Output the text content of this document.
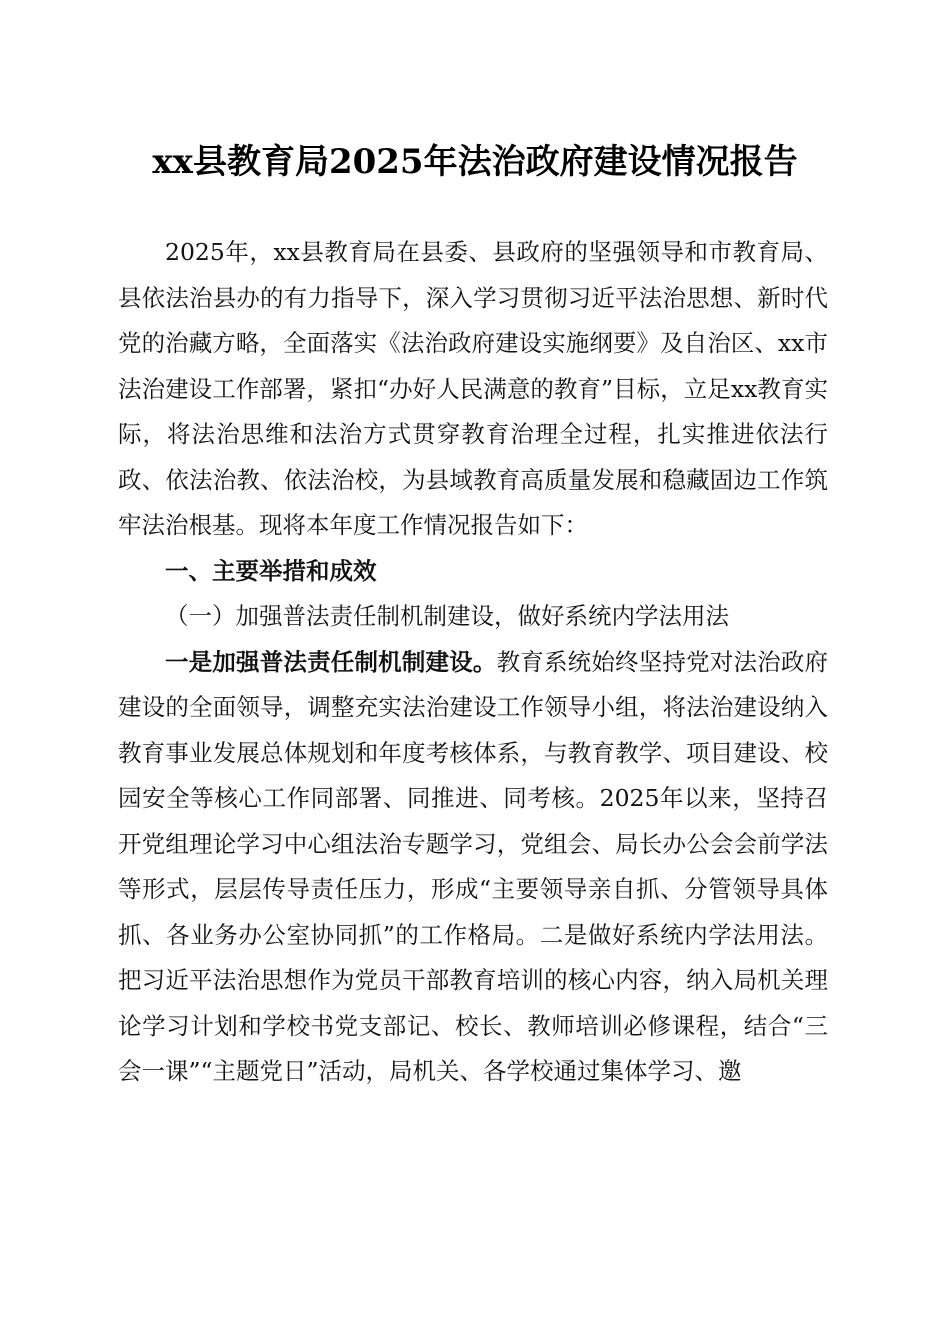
xx县教育局2025年法治政府建设情况报告

2025年，xx县教育局在县委、县政府的坚强领导和市教育局、县依法治县办的有力指导下，深入学习贯彻习近平法治思想、新时代党的治藏方略，全面落实《法治政府建设实施纲要》及自治区、xx市法治建设工作部署，紧扣“办好人民满意的教育”目标，立足xx教育实际，将法治思维和法治方式贯穿教育治理全过程，扎实推进依法行政、依法治教、依法治校，为县域教育高质量发展和稳藏固边工作筑牢法治根基。现将本年度工作情况报告如下：

一、主要举措和成效

（一）加强普法责任制机制建设，做好系统内学法用法

一是加强普法责任制机制建设。教育系统始终坚持党对法治政府建设的全面领导，调整充实法治建设工作领导小组，将法治建设纳入教育事业发展总体规划和年度考核体系，与教育教学、项目建设、校园安全等核心工作同部署、同推进、同考核。2025年以来，坚持召开党组理论学习中心组法治专题学习，党组会、局长办公会会前学法等形式，层层传导责任压力，形成“主要领导亲自抓、分管领导具体抓、各业务办公室协同抓”的工作格局。二是做好系统内学法用法。把习近平法治思想作为党员干部教育培训的核心内容，纳入局机关理论学习计划和学校书党支部记、校长、教师培训必修课程，结合“三会一课”“主题党日”活动，局机关、各学校通过集体学习、邀
